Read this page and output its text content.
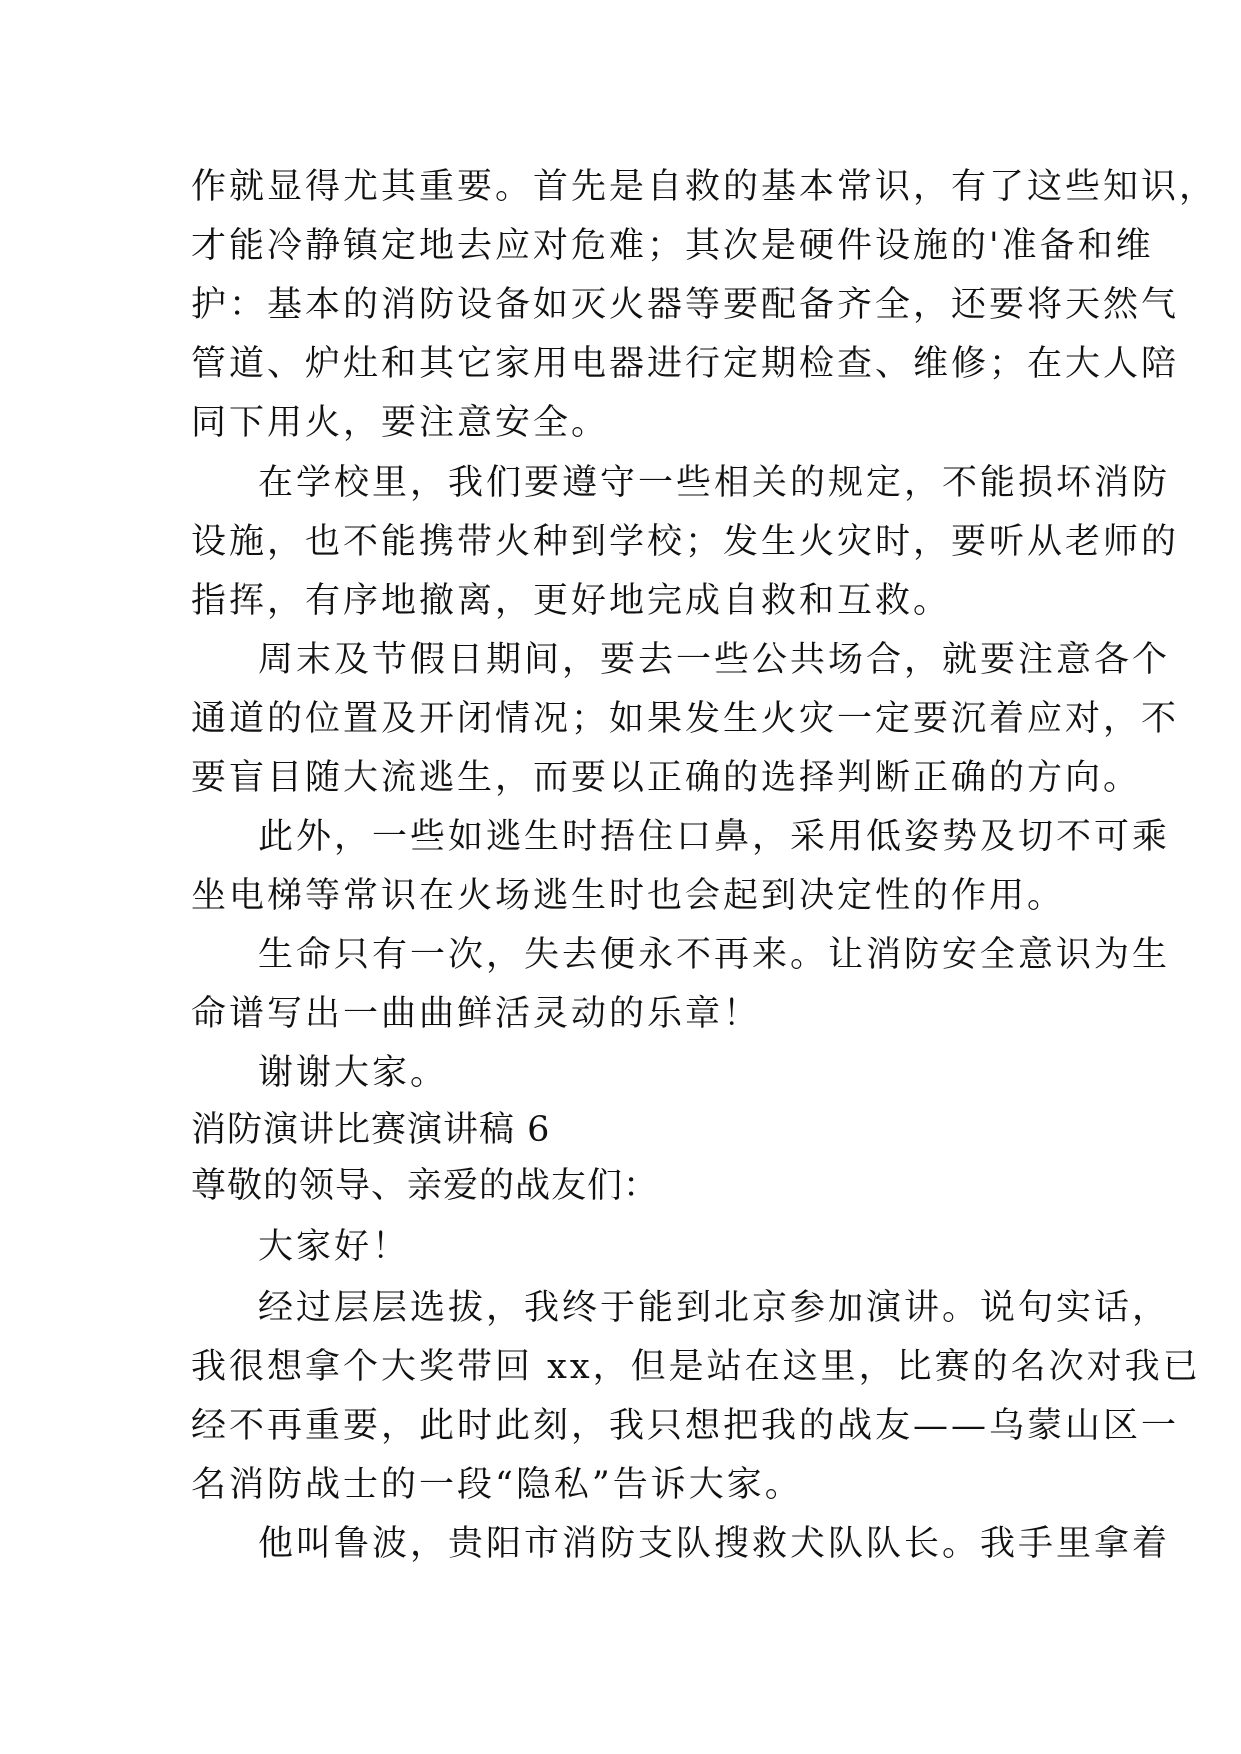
作就显得尤其重要。首先是自救的基本常识，有了这些知识，
才能冷静镇定地去应对危难；其次是硬件设施的'准备和维
护：基本的消防设备如灭火器等要配备齐全，还要将天然气
管道、炉灶和其它家用电器进行定期检查、维修；在大人陪
同下用火，要注意安全。
在学校里，我们要遵守一些相关的规定，不能损坏消防
设施，也不能携带火种到学校；发生火灾时，要听从老师的
指挥，有序地撤离，更好地完成自救和互救。
周末及节假日期间，要去一些公共场合，就要注意各个
通道的位置及开闭情况；如果发生火灾一定要沉着应对，不
要盲目随大流逃生，而要以正确的选择判断正确的方向。
此外，一些如逃生时捂住口鼻，采用低姿势及切不可乘
坐电梯等常识在火场逃生时也会起到决定性的作用。
生命只有一次，失去便永不再来。让消防安全意识为生
命谱写出一曲曲鲜活灵动的乐章！
谢谢大家。
消防演讲比赛演讲稿 6
尊敬的领导、亲爱的战友们：
大家好！
经过层层选拔，我终于能到北京参加演讲。说句实话，
我很想拿个大奖带回 xx，但是站在这里，比赛的名次对我已
经不再重要，此时此刻，我只想把我的战友——乌蒙山区一
名消防战士的一段“隐私”告诉大家。
他叫鲁波，贵阳市消防支队搜救犬队队长。我手里拿着
